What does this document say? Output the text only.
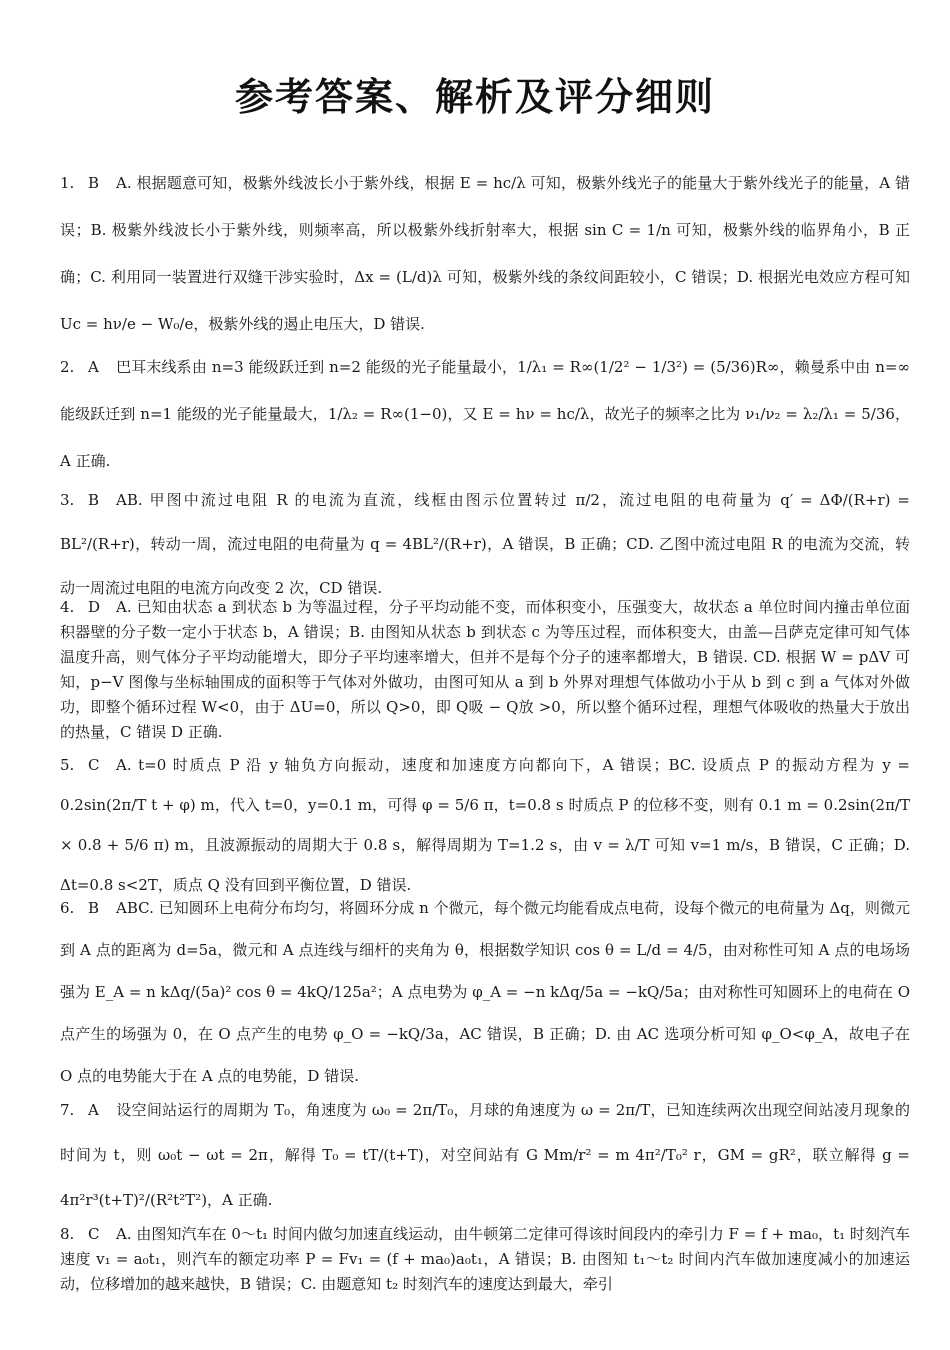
参考答案、解析及评分细则
1. B A. 根据题意可知，极紫外线波长小于紫外线，根据 E = hc/λ 可知，极紫外线光子的能量大于紫外线光子的能量，A 错误；B. 极紫外线波长小于紫外线，则频率高，所以极紫外线折射率大，根据 sin C = 1/n 可知，极紫外线的临界角小，B 正确；C. 利用同一装置进行双缝干涉实验时，Δx = (L/d)λ 可知，极紫外线的条纹间距较小，C 错误；D. 根据光电效应方程可知 Uc = hν/e − W₀/e，极紫外线的遏止电压大，D 错误.
2. A 巴耳末线系由 n=3 能级跃迁到 n=2 能级的光子能量最小，1/λ₁ = R∞(1/2² − 1/3²) = (5/36)R∞，赖曼系中由 n=∞能级跃迁到 n=1 能级的光子能量最大，1/λ₂ = R∞(1−0)，又 E = hν = hc/λ，故光子的频率之比为 ν₁/ν₂ = λ₂/λ₁ = 5/36，A 正确.
3. B AB. 甲图中流过电阻 R 的电流为直流，线框由图示位置转过 π/2，流过电阻的电荷量为 q′ = ΔΦ/(R+r) = BL²/(R+r)，转动一周，流过电阻的电荷量为 q = 4BL²/(R+r)，A 错误，B 正确；CD. 乙图中流过电阻 R 的电流为交流，转动一周流过电阻的电流方向改变 2 次，CD 错误.
4. D A. 已知由状态 a 到状态 b 为等温过程，分子平均动能不变，而体积变小，压强变大，故状态 a 单位时间内撞击单位面积器壁的分子数一定小于状态 b，A 错误；B. 由图知从状态 b 到状态 c 为等压过程，而体积变大，由盖—吕萨克定律可知气体温度升高，则气体分子平均动能增大，即分子平均速率增大，但并不是每个分子的速率都增大，B 错误. CD. 根据 W = pΔV 可知，p−V 图像与坐标轴围成的面积等于气体对外做功，由图可知从 a 到 b 外界对理想气体做功小于从 b 到 c 到 a 气体对外做功，即整个循环过程 W<0，由于 ΔU=0，所以 Q>0，即 Q吸 − Q放 >0，所以整个循环过程，理想气体吸收的热量大于放出的热量，C 错误 D 正确.
5. C A. t=0 时质点 P 沿 y 轴负方向振动，速度和加速度方向都向下，A 错误；BC. 设质点 P 的振动方程为 y = 0.2sin(2π/T t + φ) m，代入 t=0，y=0.1 m，可得 φ = 5/6 π，t=0.8 s 时质点 P 的位移不变，则有 0.1 m = 0.2sin(2π/T × 0.8 + 5/6 π) m，且波源振动的周期大于 0.8 s，解得周期为 T=1.2 s，由 v = λ/T 可知 v=1 m/s，B 错误，C 正确；D. Δt=0.8 s<2T，质点 Q 没有回到平衡位置，D 错误.
6. B ABC. 已知圆环上电荷分布均匀，将圆环分成 n 个微元，每个微元均能看成点电荷，设每个微元的电荷量为 Δq，则微元到 A 点的距离为 d=5a，微元和 A 点连线与细杆的夹角为 θ，根据数学知识 cos θ = L/d = 4/5，由对称性可知 A 点的电场场强为 E_A = n kΔq/(5a)² cos θ = 4kQ/125a²；A 点电势为 φ_A = −n kΔq/5a = −kQ/5a；由对称性可知圆环上的电荷在 O 点产生的场强为 0，在 O 点产生的电势 φ_O = −kQ/3a，AC 错误，B 正确；D. 由 AC 选项分析可知 φ_O<φ_A，故电子在 O 点的电势能大于在 A 点的电势能，D 错误.
7. A 设空间站运行的周期为 T₀，角速度为 ω₀ = 2π/T₀，月球的角速度为 ω = 2π/T，已知连续两次出现空间站凌月现象的时间为 t，则 ω₀t − ωt = 2π，解得 T₀ = tT/(t+T)，对空间站有 G Mm/r² = m 4π²/T₀² r，GM = gR²，联立解得 g = 4π²r³(t+T)²/(R²t²T²)，A 正确.
8. C A. 由图知汽车在 0～t₁ 时间内做匀加速直线运动，由牛顿第二定律可得该时间段内的牵引力 F = f + ma₀，t₁ 时刻汽车速度 v₁ = a₀t₁，则汽车的额定功率 P = Fv₁ = (f + ma₀)a₀t₁，A 错误；B. 由图知 t₁～t₂ 时间内汽车做加速度减小的加速运动，位移增加的越来越快，B 错误；C. 由题意知 t₂ 时刻汽车的速度达到最大，牵引
